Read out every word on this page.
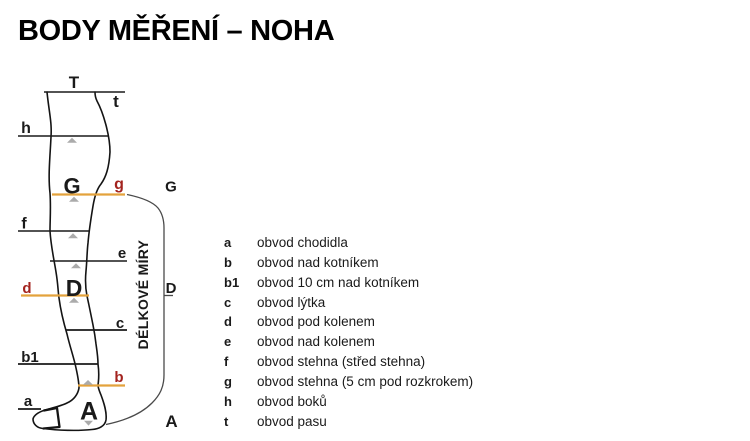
BODY MĚŘENÍ – NOHA
T
t
h
G g
f
e
d D
c
b1
b
a A
G
D
A
DÉLKOVÉ MÍRY	a	obvod chodidla
b	obvod nad kotníkem
b1	obvod 10 cm nad kotníkem
c	obvod lýtka
d	obvod pod kolenem
e	obvod nad kolenem
f	obvod stehna (střed stehna)
g	obvod stehna (5 cm pod rozkrokem)
h	obvod boků
t	obvod pasu
